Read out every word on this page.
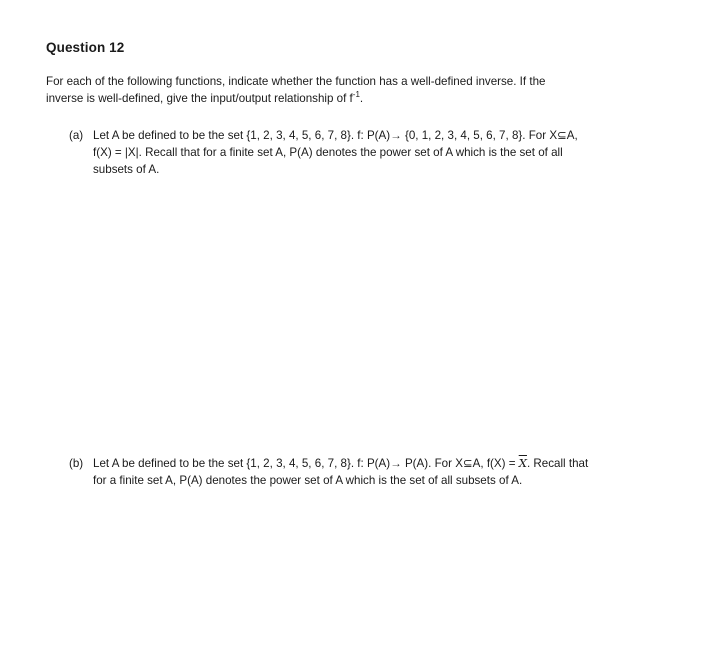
Question 12
For each of the following functions, indicate whether the function has a well-defined inverse. If the
inverse is well-defined, give the input/output relationship of $f^{-1}$.
(a) Let A be defined to be the set {1, 2, 3, 4, 5, 6, 7, 8}. f: P(A)→ {0, 1, 2, 3, 4, 5, 6, 7, 8}. For X⊆A,
f(X) = |X|. Recall that for a finite set A, P(A) denotes the power set of A which is the set of all
subsets of A.
(b) Let A be defined to be the set {1, 2, 3, 4, 5, 6, 7, 8}. f: P(A)→ P(A). For X⊆A, $f(X) = \overline{X}$. Recall that
for a finite set A, P(A) denotes the power set of A which is the set of all subsets of A.
